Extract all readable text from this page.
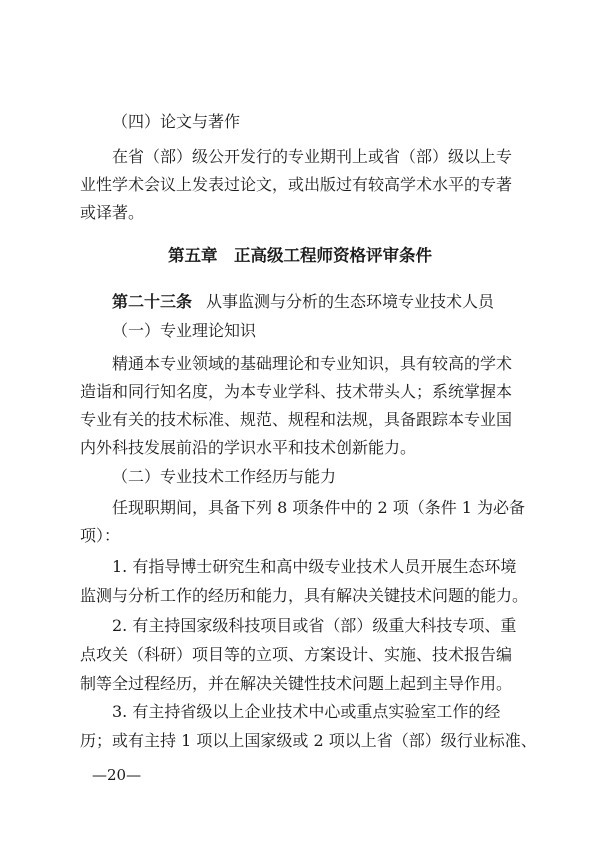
（四）论文与著作
在省（部）级公开发行的专业期刊上或省（部）级以上专
业性学术会议上发表过论文，或出版过有较高学术水平的专著
或译著。
第五章　正高级工程师资格评审条件
第二十三条 从事监测与分析的生态环境专业技术人员
（一）专业理论知识
精通本专业领域的基础理论和专业知识，具有较高的学术
造诣和同行知名度，为本专业学科、技术带头人；系统掌握本
专业有关的技术标准、规范、规程和法规，具备跟踪本专业国
内外科技发展前沿的学识水平和技术创新能力。
（二）专业技术工作经历与能力
任现职期间，具备下列 8 项条件中的 2 项（条件 1 为必备
项）：
1. 有指导博士研究生和高中级专业技术人员开展生态环境
监测与分析工作的经历和能力，具有解决关键技术问题的能力。
2. 有主持国家级科技项目或省（部）级重大科技专项、重
点攻关（科研）项目等的立项、方案设计、实施、技术报告编
制等全过程经历，并在解决关键性技术问题上起到主导作用。
3. 有主持省级以上企业技术中心或重点实验室工作的经
历；或有主持 1 项以上国家级或 2 项以上省（部）级行业标准、
—20—
